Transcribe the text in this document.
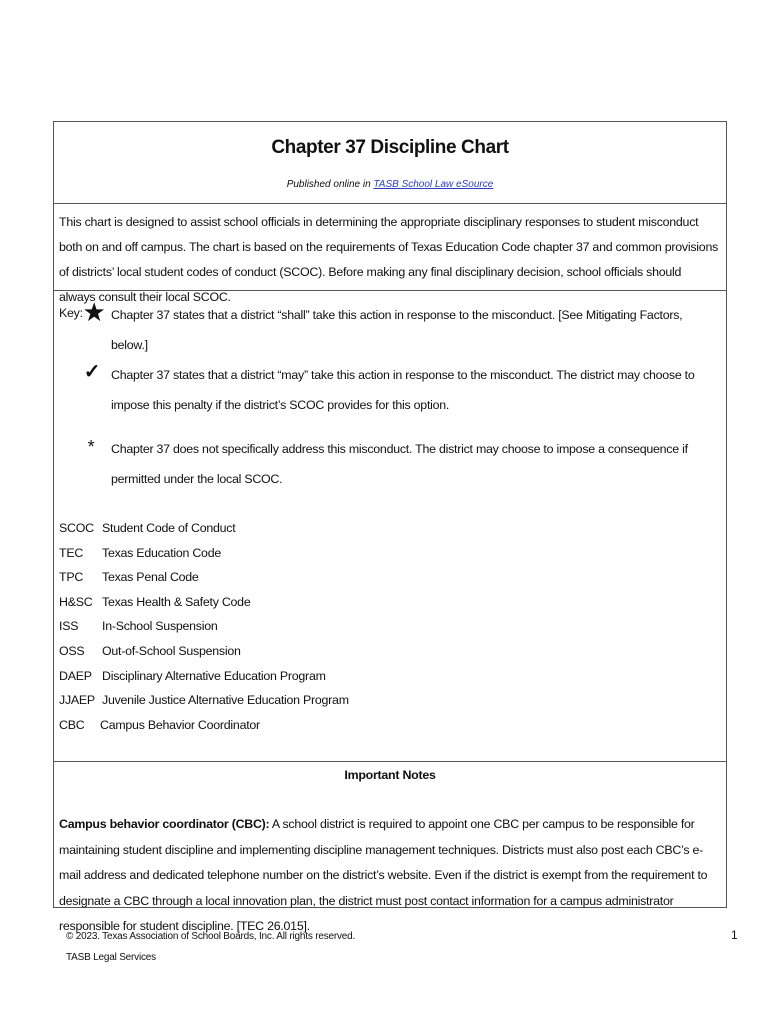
Chapter 37 Discipline Chart
Published online in TASB School Law eSource
This chart is designed to assist school officials in determining the appropriate disciplinary responses to student misconduct both on and off campus. The chart is based on the requirements of Texas Education Code chapter 37 and common provisions of districts’ local student codes of conduct (SCOC). Before making any final disciplinary decision, school officials should always consult their local SCOC.
Key: ★ Chapter 37 states that a district “shall” take this action in response to the misconduct. [See Mitigating Factors, below.]
✓ Chapter 37 states that a district “may” take this action in response to the misconduct. The district may choose to impose this penalty if the district’s SCOC provides for this option.
*	Chapter 37 does not specifically address this misconduct. The district may choose to impose a consequence if permitted under the local SCOC.
SCOC Student Code of Conduct
TEC Texas Education Code
TPC Texas Penal Code
H&SC Texas Health & Safety Code
ISS In-School Suspension
OSS Out-of-School Suspension
DAEP Disciplinary Alternative Education Program
JJAEP Juvenile Justice Alternative Education Program
CBC Campus Behavior Coordinator
Important Notes
Campus behavior coordinator (CBC): A school district is required to appoint one CBC per campus to be responsible for maintaining student discipline and implementing discipline management techniques. Districts must also post each CBC’s e-mail address and dedicated telephone number on the district’s website. Even if the district is exempt from the requirement to designate a CBC through a local innovation plan, the district must post contact information for a campus administrator responsible for student discipline. [TEC 26.015].
© 2023. Texas Association of School Boards, Inc. All rights reserved.
TASB Legal Services
1
